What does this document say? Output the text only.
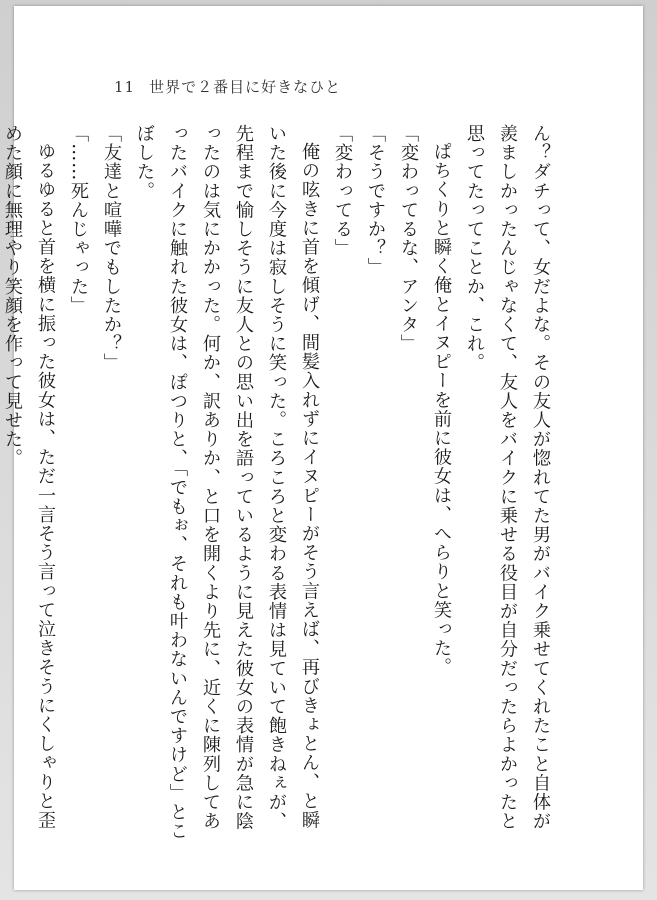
11 世界で２番目に好きなひと

ん？ダチって、女だよな。その友人が惚れてた男がバイク乗せてくれたこと自体が羨ましかったんじゃなくて、友人をバイクに乗せる役目が自分だったらよかったと思ってたってことか、これ。

ぱちくりと瞬く俺とイヌピーを前に彼女は、へらりと笑った。

「変わってるな、アンタ」

「そうですか？」

「変わってる」

俺の呟きに首を傾げ、間髪入れずにイヌピーがそう言えば、再びきょとん、と瞬いた後に今度は寂しそうに笑った。ころころと変わる表情は見ていて飽きねぇが、先程まで愉しそうに友人との思い出を語っているように見えた彼女の表情が急に陰ったのは気にかかった。何か、訳ありか、と口を開くより先に、近くに陳列してあったバイクに触れた彼女は、ぽつりと、「でもぉ、それも叶わないんですけど」とこぼした。

「友達と喧嘩でもしたか？」

「……死んじゃった」

ゆるゆると首を横に振った彼女は、ただ一言そう言って泣きそうにくしゃりと歪めた顔に無理やり笑顔を作って見せた。
